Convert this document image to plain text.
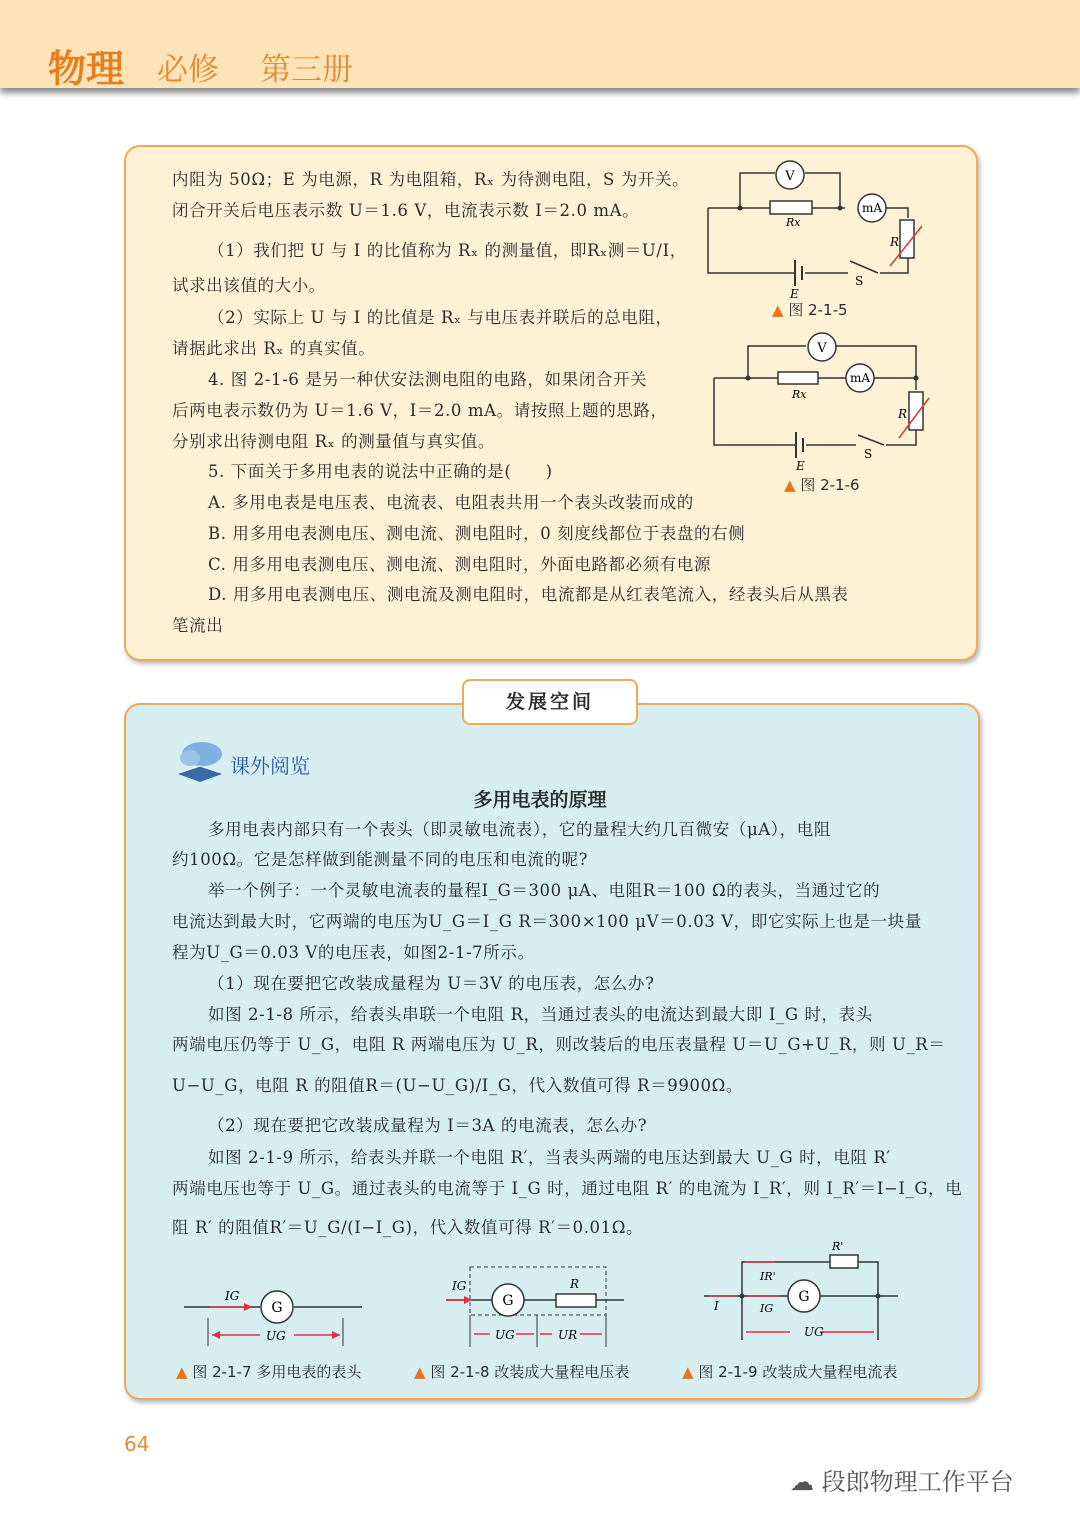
物理 必修 第三册
内阻为 50Ω；E 为电源，R 为电阻箱，Rₓ 为待测电阻，S 为开关。
闭合开关后电压表示数 U＝1.6 V，电流表示数 I＝2.0 mA。
（1）我们把 U 与 I 的比值称为 Rₓ 的测量值，即Rₓ测＝U/I，
试求出该值的大小。
（2）实际上 U 与 I 的比值是 Rₓ 与电压表并联后的总电阻，
请据此求出 Rₓ 的真实值。
4. 图 2-1-6 是另一种伏安法测电阻的电路，如果闭合开关
后两电表示数仍为 U＝1.6 V，I＝2.0 mA。请按照上题的思路，
分别求出待测电阻 Rₓ 的测量值与真实值。
5. 下面关于多用电表的说法中正确的是(　　)
A. 多用电表是电压表、电流表、电阻表共用一个表头改装而成的
B. 用多用电表测电压、测电流、测电阻时，0 刻度线都位于表盘的右侧
C. 用多用电表测电压、测电流、测电阻时，外面电路都必须有电源
D. 用多用电表测电压、测电流及测电阻时，电流都是从红表笔流入，经表头后从黑表
笔流出
V
mA
Rx
R
E
S
▲ 图 2-1-5
V
mA
Rx
R
E
S
▲ 图 2-1-6
发展空间
课外阅览
多用电表的原理
多用电表内部只有一个表头（即灵敏电流表），它的量程大约几百微安（μA），电阻
约100Ω。它是怎样做到能测量不同的电压和电流的呢?
举一个例子：一个灵敏电流表的量程I_G＝300 μA、电阻R＝100 Ω的表头，当通过它的
电流达到最大时，它两端的电压为U_G＝I_G R＝300×100 μV＝0.03 V，即它实际上也是一块量
程为U_G＝0.03 V的电压表，如图2-1-7所示。
（1）现在要把它改装成量程为 U＝3V 的电压表，怎么办?
如图 2-1-8 所示，给表头串联一个电阻 R，当通过表头的电流达到最大即 I_G 时，表头
两端电压仍等于 U_G，电阻 R 两端电压为 U_R，则改装后的电压表量程 U＝U_G+U_R，则 U_R＝
U−U_G，电阻 R 的阻值R＝(U−U_G)/I_G，代入数值可得 R＝9900Ω。
（2）现在要把它改装成量程为 I＝3A 的电流表，怎么办?
如图 2-1-9 所示，给表头并联一个电阻 R′，当表头两端的电压达到最大 U_G 时，电阻 R′
两端电压也等于 U_G。通过表头的电流等于 I_G 时，通过电阻 R′ 的电流为 I_R′，则 I_R′＝I−I_G，电
阻 R′ 的阻值R′＝U_G/(I−I_G)，代入数值可得 R′＝0.01Ω。
IG
G
UG
▲ 图 2-1-7 多用电表的表头
IG
G
R
UG	UR
▲ 图 2-1-8 改装成大量程电压表
I
IR'
IG
G
R'
UG
▲ 图 2-1-9 改装成大量程电流表
64
☁ 段郎物理工作平台
